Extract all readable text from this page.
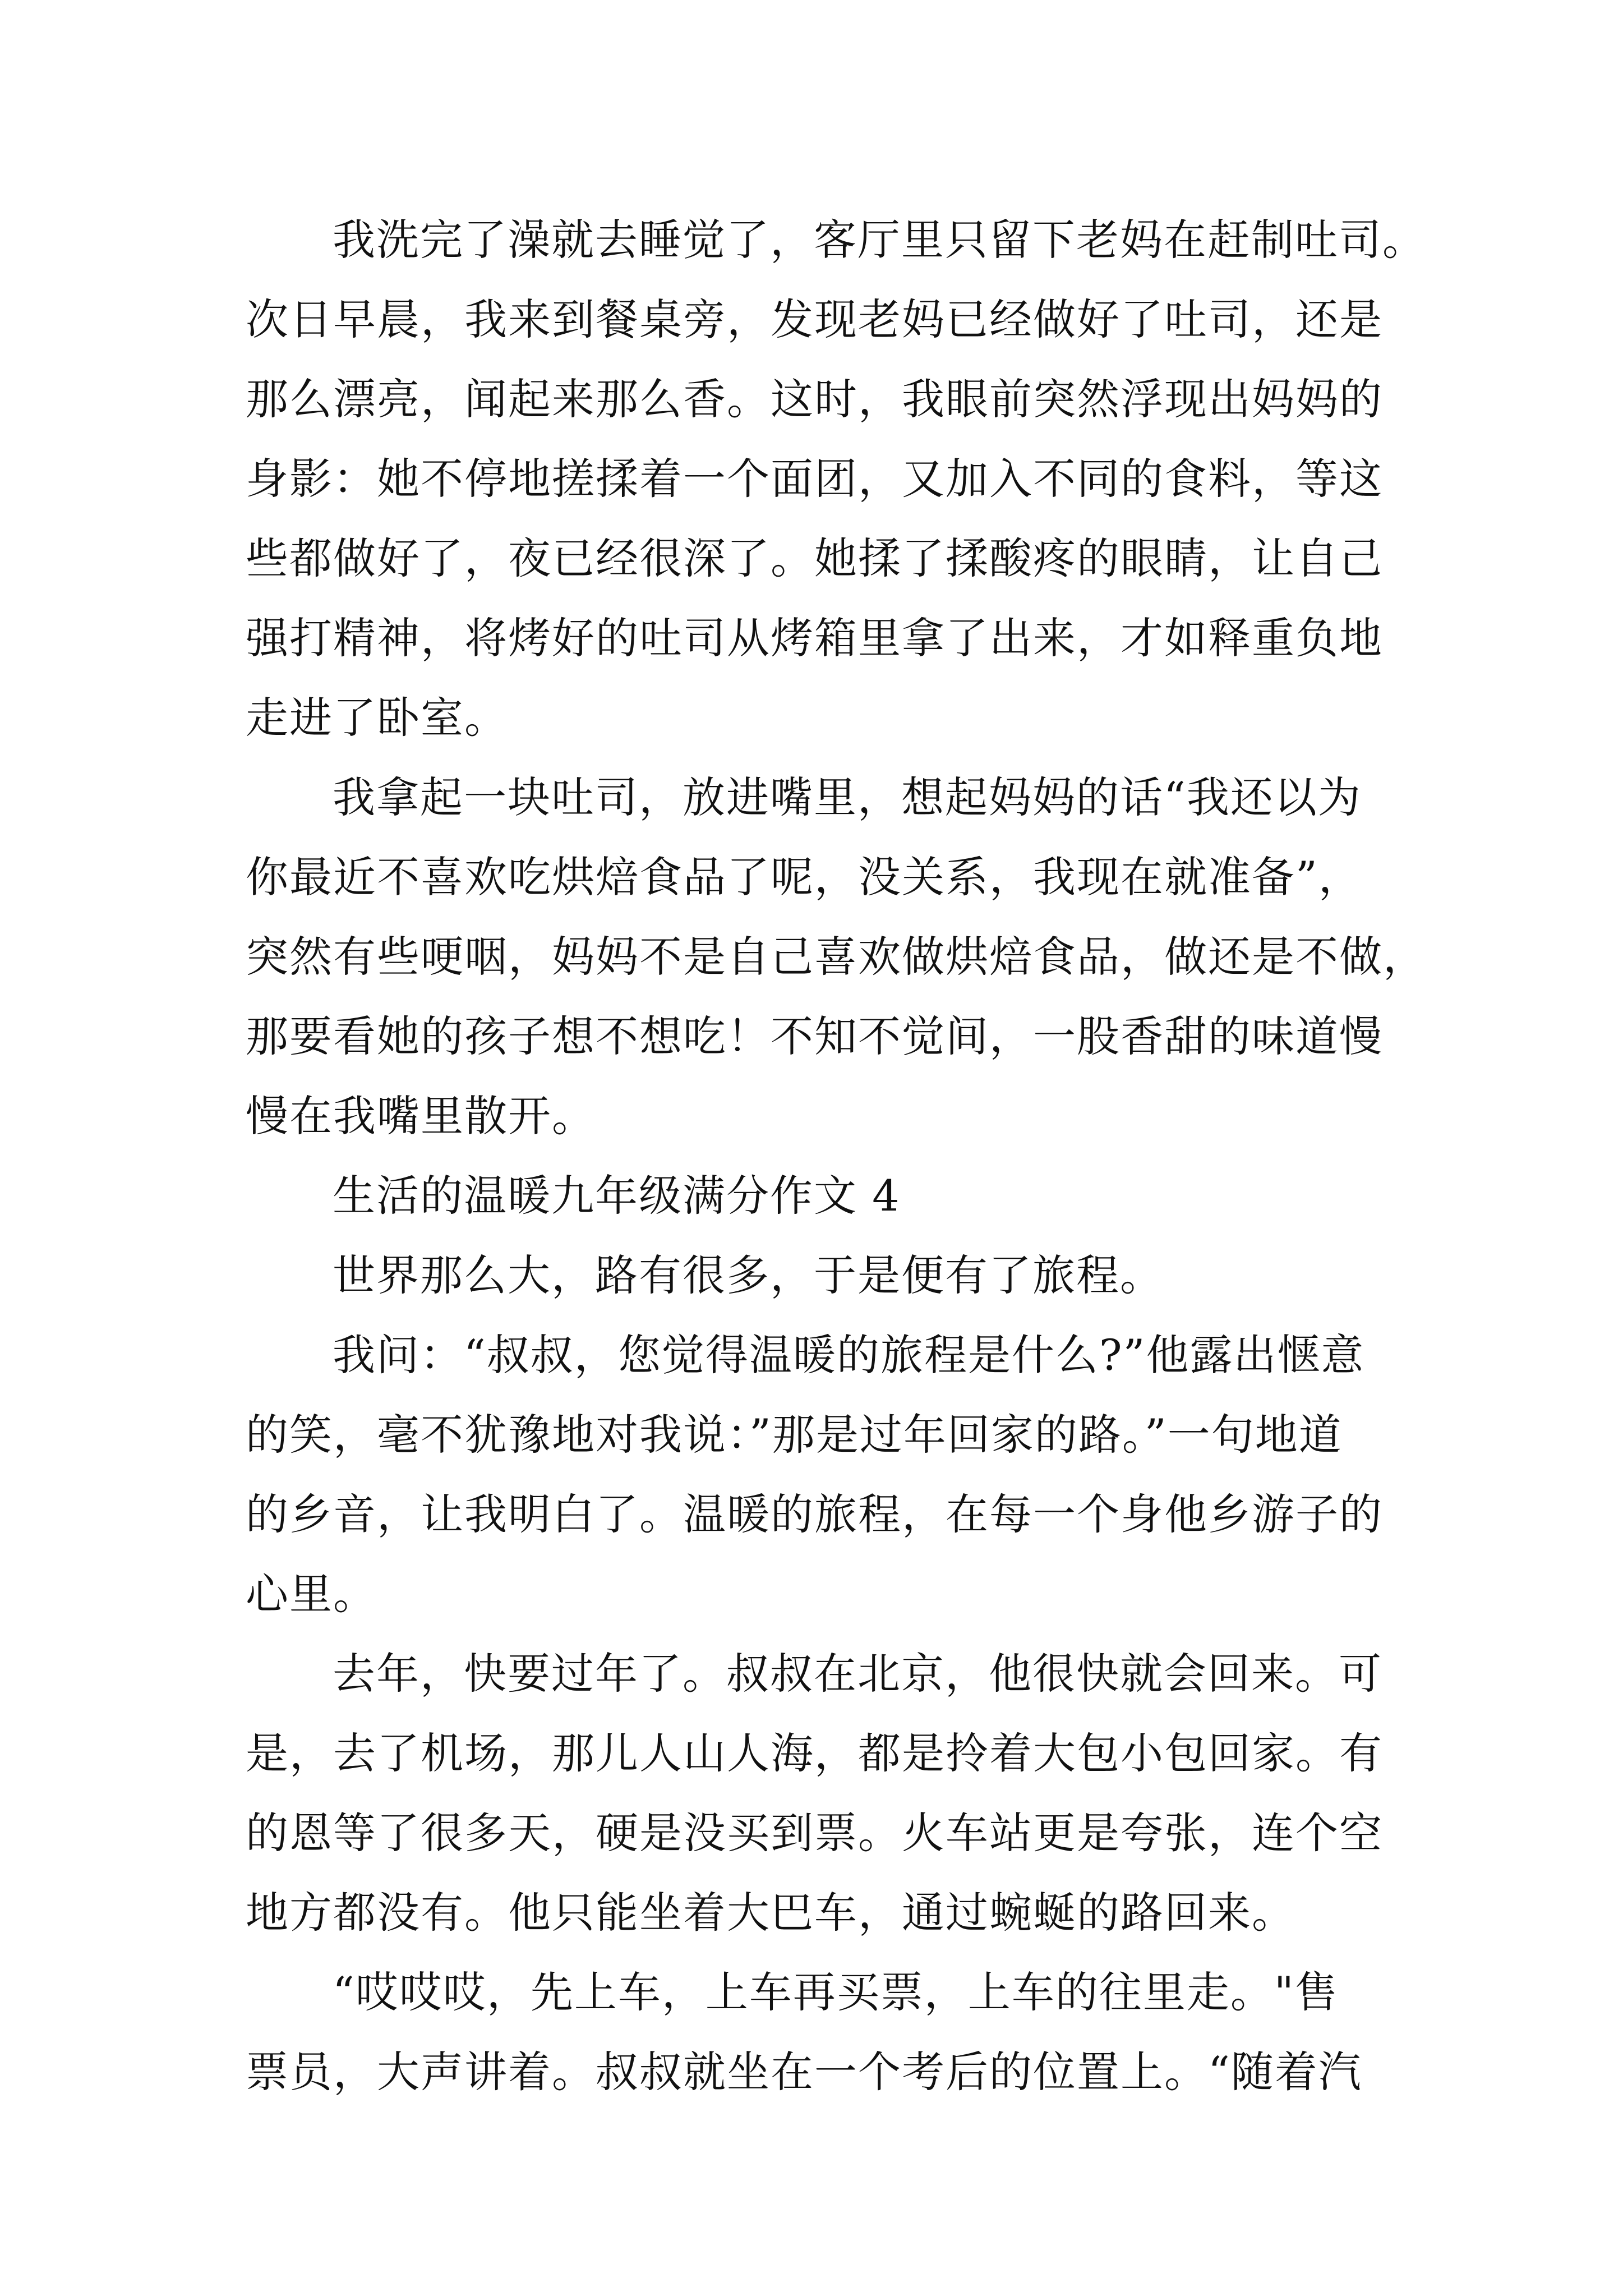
我洗完了澡就去睡觉了，客厅里只留下老妈在赶制吐司。
次日早晨，我来到餐桌旁，发现老妈已经做好了吐司，还是
那么漂亮，闻起来那么香。这时，我眼前突然浮现出妈妈的
身影：她不停地搓揉着一个面团，又加入不同的食料，等这
些都做好了，夜已经很深了。她揉了揉酸疼的眼睛，让自己
强打精神，将烤好的吐司从烤箱里拿了出来，才如释重负地
走进了卧室。
我拿起一块吐司，放进嘴里，想起妈妈的话“我还以为
你最近不喜欢吃烘焙食品了呢，没关系，我现在就准备”，
突然有些哽咽，妈妈不是自己喜欢做烘焙食品，做还是不做，
那要看她的孩子想不想吃！不知不觉间，一股香甜的味道慢
慢在我嘴里散开。
生活的温暖九年级满分作文 4
世界那么大，路有很多，于是便有了旅程。
我问：“叔叔，您觉得温暖的旅程是什么?”他露出惬意
的笑，毫不犹豫地对我说：”那是过年回家的路。”一句地道
的乡音，让我明白了。温暖的旅程，在每一个身他乡游子的
心里。
去年，快要过年了。叔叔在北京，他很快就会回来。可
是，去了机场，那儿人山人海，都是拎着大包小包回家。有
的恩等了很多天，硬是没买到票。火车站更是夸张，连个空
地方都没有。他只能坐着大巴车，通过蜿蜒的路回来。
“哎哎哎，先上车，上车再买票，上车的往里走。"售
票员，大声讲着。叔叔就坐在一个考后的位置上。“随着汽
